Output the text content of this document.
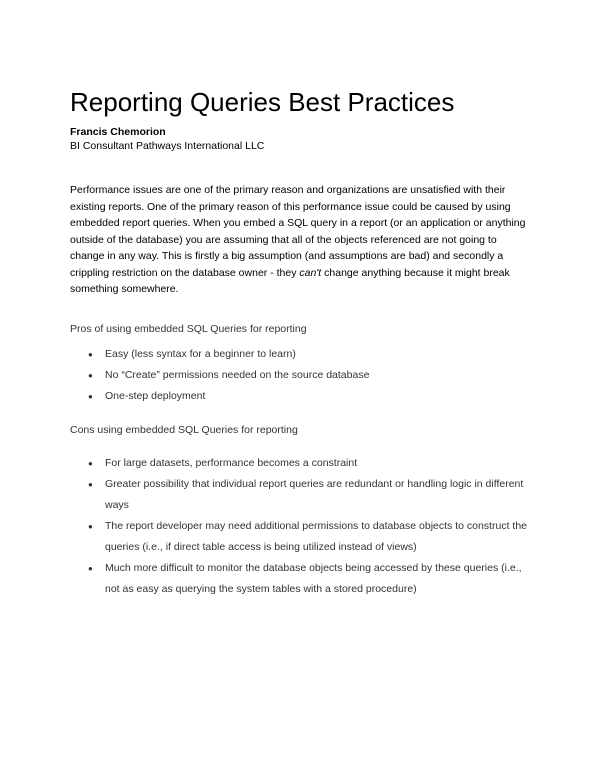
Reporting Queries Best Practices
Francis Chemorion
BI Consultant Pathways International LLC

Performance issues are one of the primary reason and organizations are unsatisfied with their existing reports. One of the primary reason of this performance issue could be caused by using embedded report queries. When you embed a SQL query in a report (or an application or anything outside of the database) you are assuming that all of the objects referenced are not going to change in any way. This is firstly a big assumption (and assumptions are bad) and secondly a crippling restriction on the database owner - they can't change anything because it might break something somewhere.

Pros of using embedded SQL Queries for reporting

● Easy (less syntax for a beginner to learn)
● No “Create” permissions needed on the source database
● One-step deployment

Cons using embedded SQL Queries for reporting

● For large datasets, performance becomes a constraint
● Greater possibility that individual report queries are redundant or handling logic in different ways
● The report developer may need additional permissions to database objects to construct the queries (i.e., if direct table access is being utilized instead of views)
● Much more difficult to monitor the database objects being accessed by these queries (i.e., not as easy as querying the system tables with a stored procedure)
